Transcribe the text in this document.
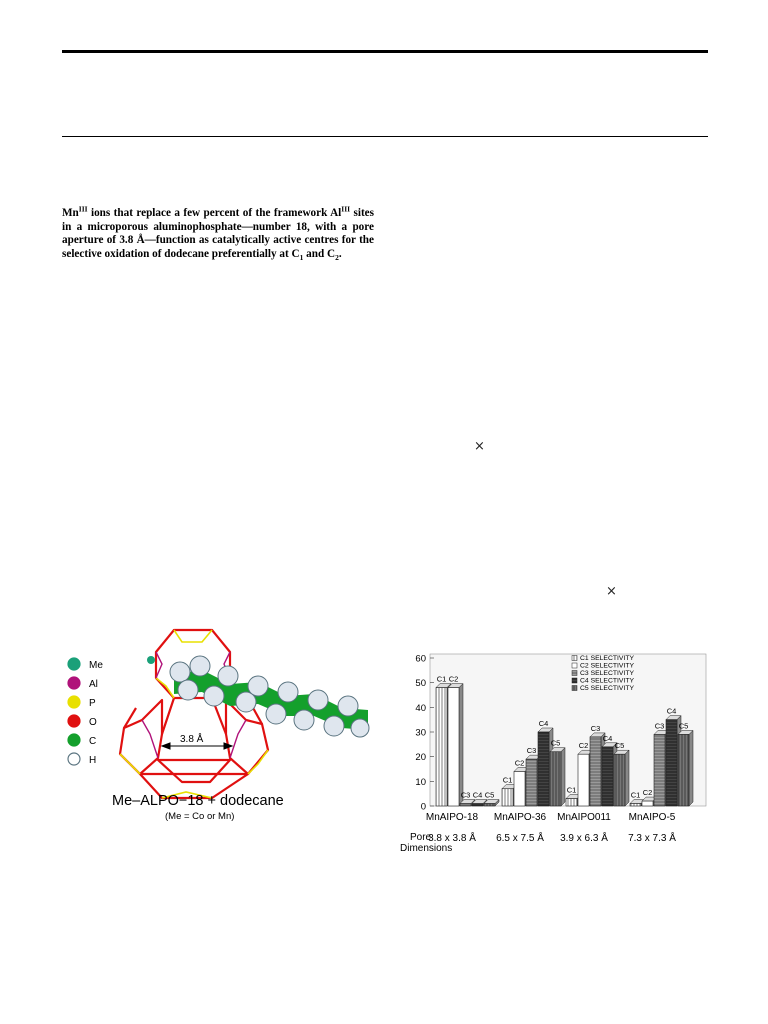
$Mn^{III}$ ions that replace a few percent of the framework $Al^{III}$ sites in a microporous aluminophosphate—number 18, with a pore aperture of 3.8 Å—function as catalytically active centres for the selective oxidation of dodecane preferentially at $C_1$ and $C_2$.
×
×
3.8 Å
Me
Al
P
O
C
H
Me–ALPO−18 + dodecane
(Me = Co or Mn)
0
10
20
30
40
50
60
C1 C2
C3 C4 C5
C1
C2
C3
C4
C5
C1
C2
C3
C4
C5
C1 C2
C3
C4
C5
C1 SELECTIVITY
C2 SELECTIVITY
C3 SELECTIVITY
C4 SELECTIVITY
C5 SELECTIVITY
MnAIPO-18
3.8 x 3.8 Å
MnAIPO-36
6.5 x 7.5 Å
MnAIPO011
3.9 x 6.3 Å
MnAIPO-5
7.3 x 7.3 Å
Pore
Dimensions
